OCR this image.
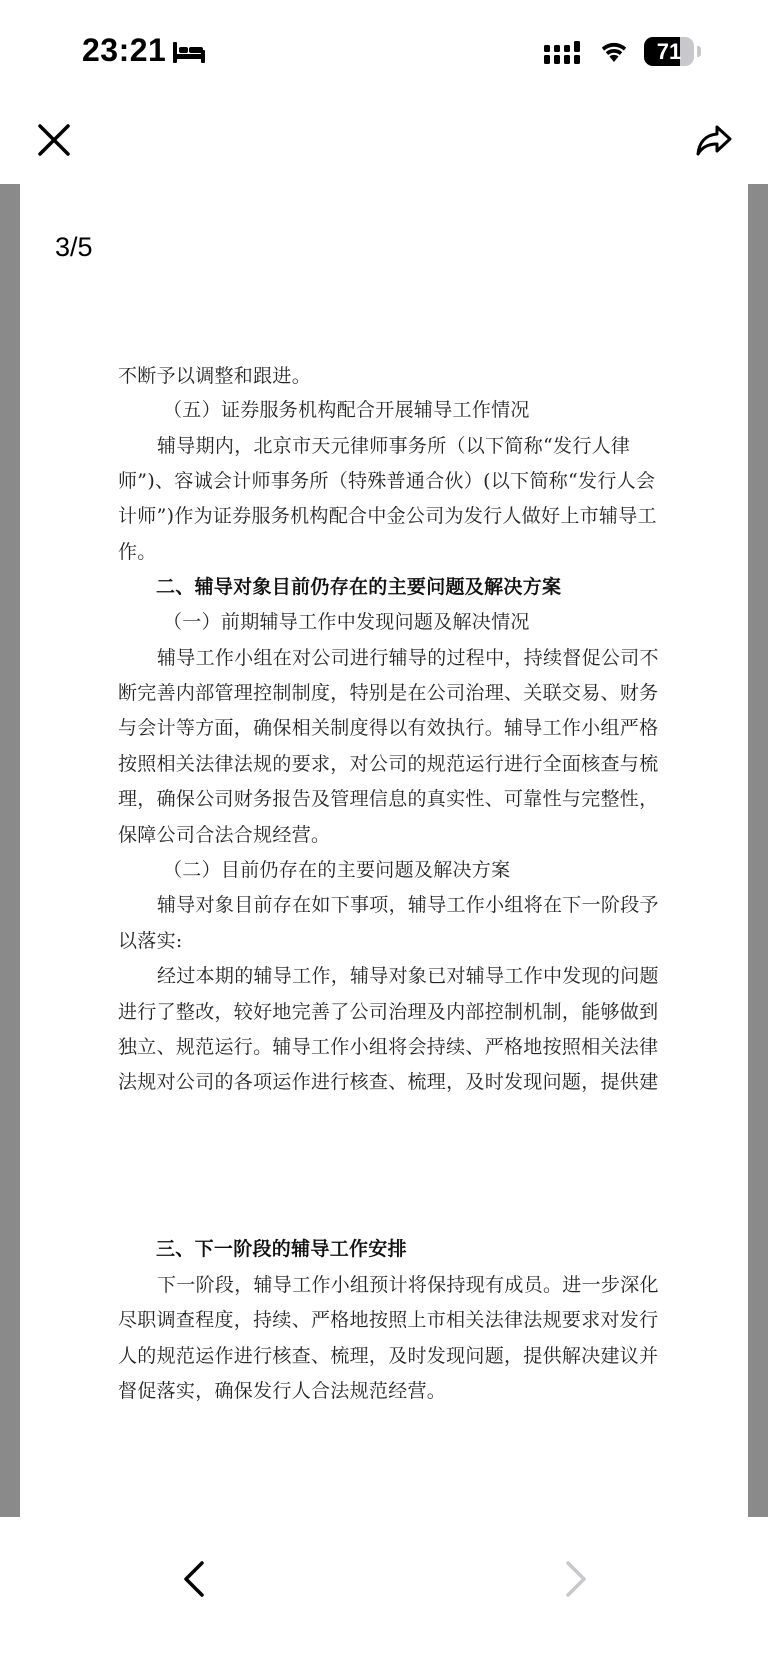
23:21	71

不断予以调整和跟进。

（五）证券服务机构配合开展辅导工作情况

辅导期内，北京市天元律师事务所（以下简称“发行人律

师”)、容诚会计师事务所（特殊普通合伙）(以下简称“发行人会

计师”)作为证券服务机构配合中金公司为发行人做好上市辅导工

作。

二、辅导对象目前仍存在的主要问题及解决方案

（一）前期辅导工作中发现问题及解决情况

辅导工作小组在对公司进行辅导的过程中，持续督促公司不

断完善内部管理控制制度，特别是在公司治理、关联交易、财务

与会计等方面，确保相关制度得以有效执行。辅导工作小组严格

按照相关法律法规的要求，对公司的规范运行进行全面核查与梳

理，确保公司财务报告及管理信息的真实性、可靠性与完整性，

保障公司合法合规经营。

（二）目前仍存在的主要问题及解决方案

辅导对象目前存在如下事项，辅导工作小组将在下一阶段予

以落实:

经过本期的辅导工作，辅导对象已对辅导工作中发现的问题

进行了整改，较好地完善了公司治理及内部控制机制，能够做到

独立、规范运行。辅导工作小组将会持续、严格地按照相关法律

法规对公司的各项运作进行核查、梳理，及时发现问题，提供建

三、下一阶段的辅导工作安排

下一阶段，辅导工作小组预计将保持现有成员。进一步深化

尽职调查程度，持续、严格地按照上市相关法律法规要求对发行

人的规范运作进行核查、梳理，及时发现问题，提供解决建议并

督促落实，确保发行人合法规范经营。

3/5
